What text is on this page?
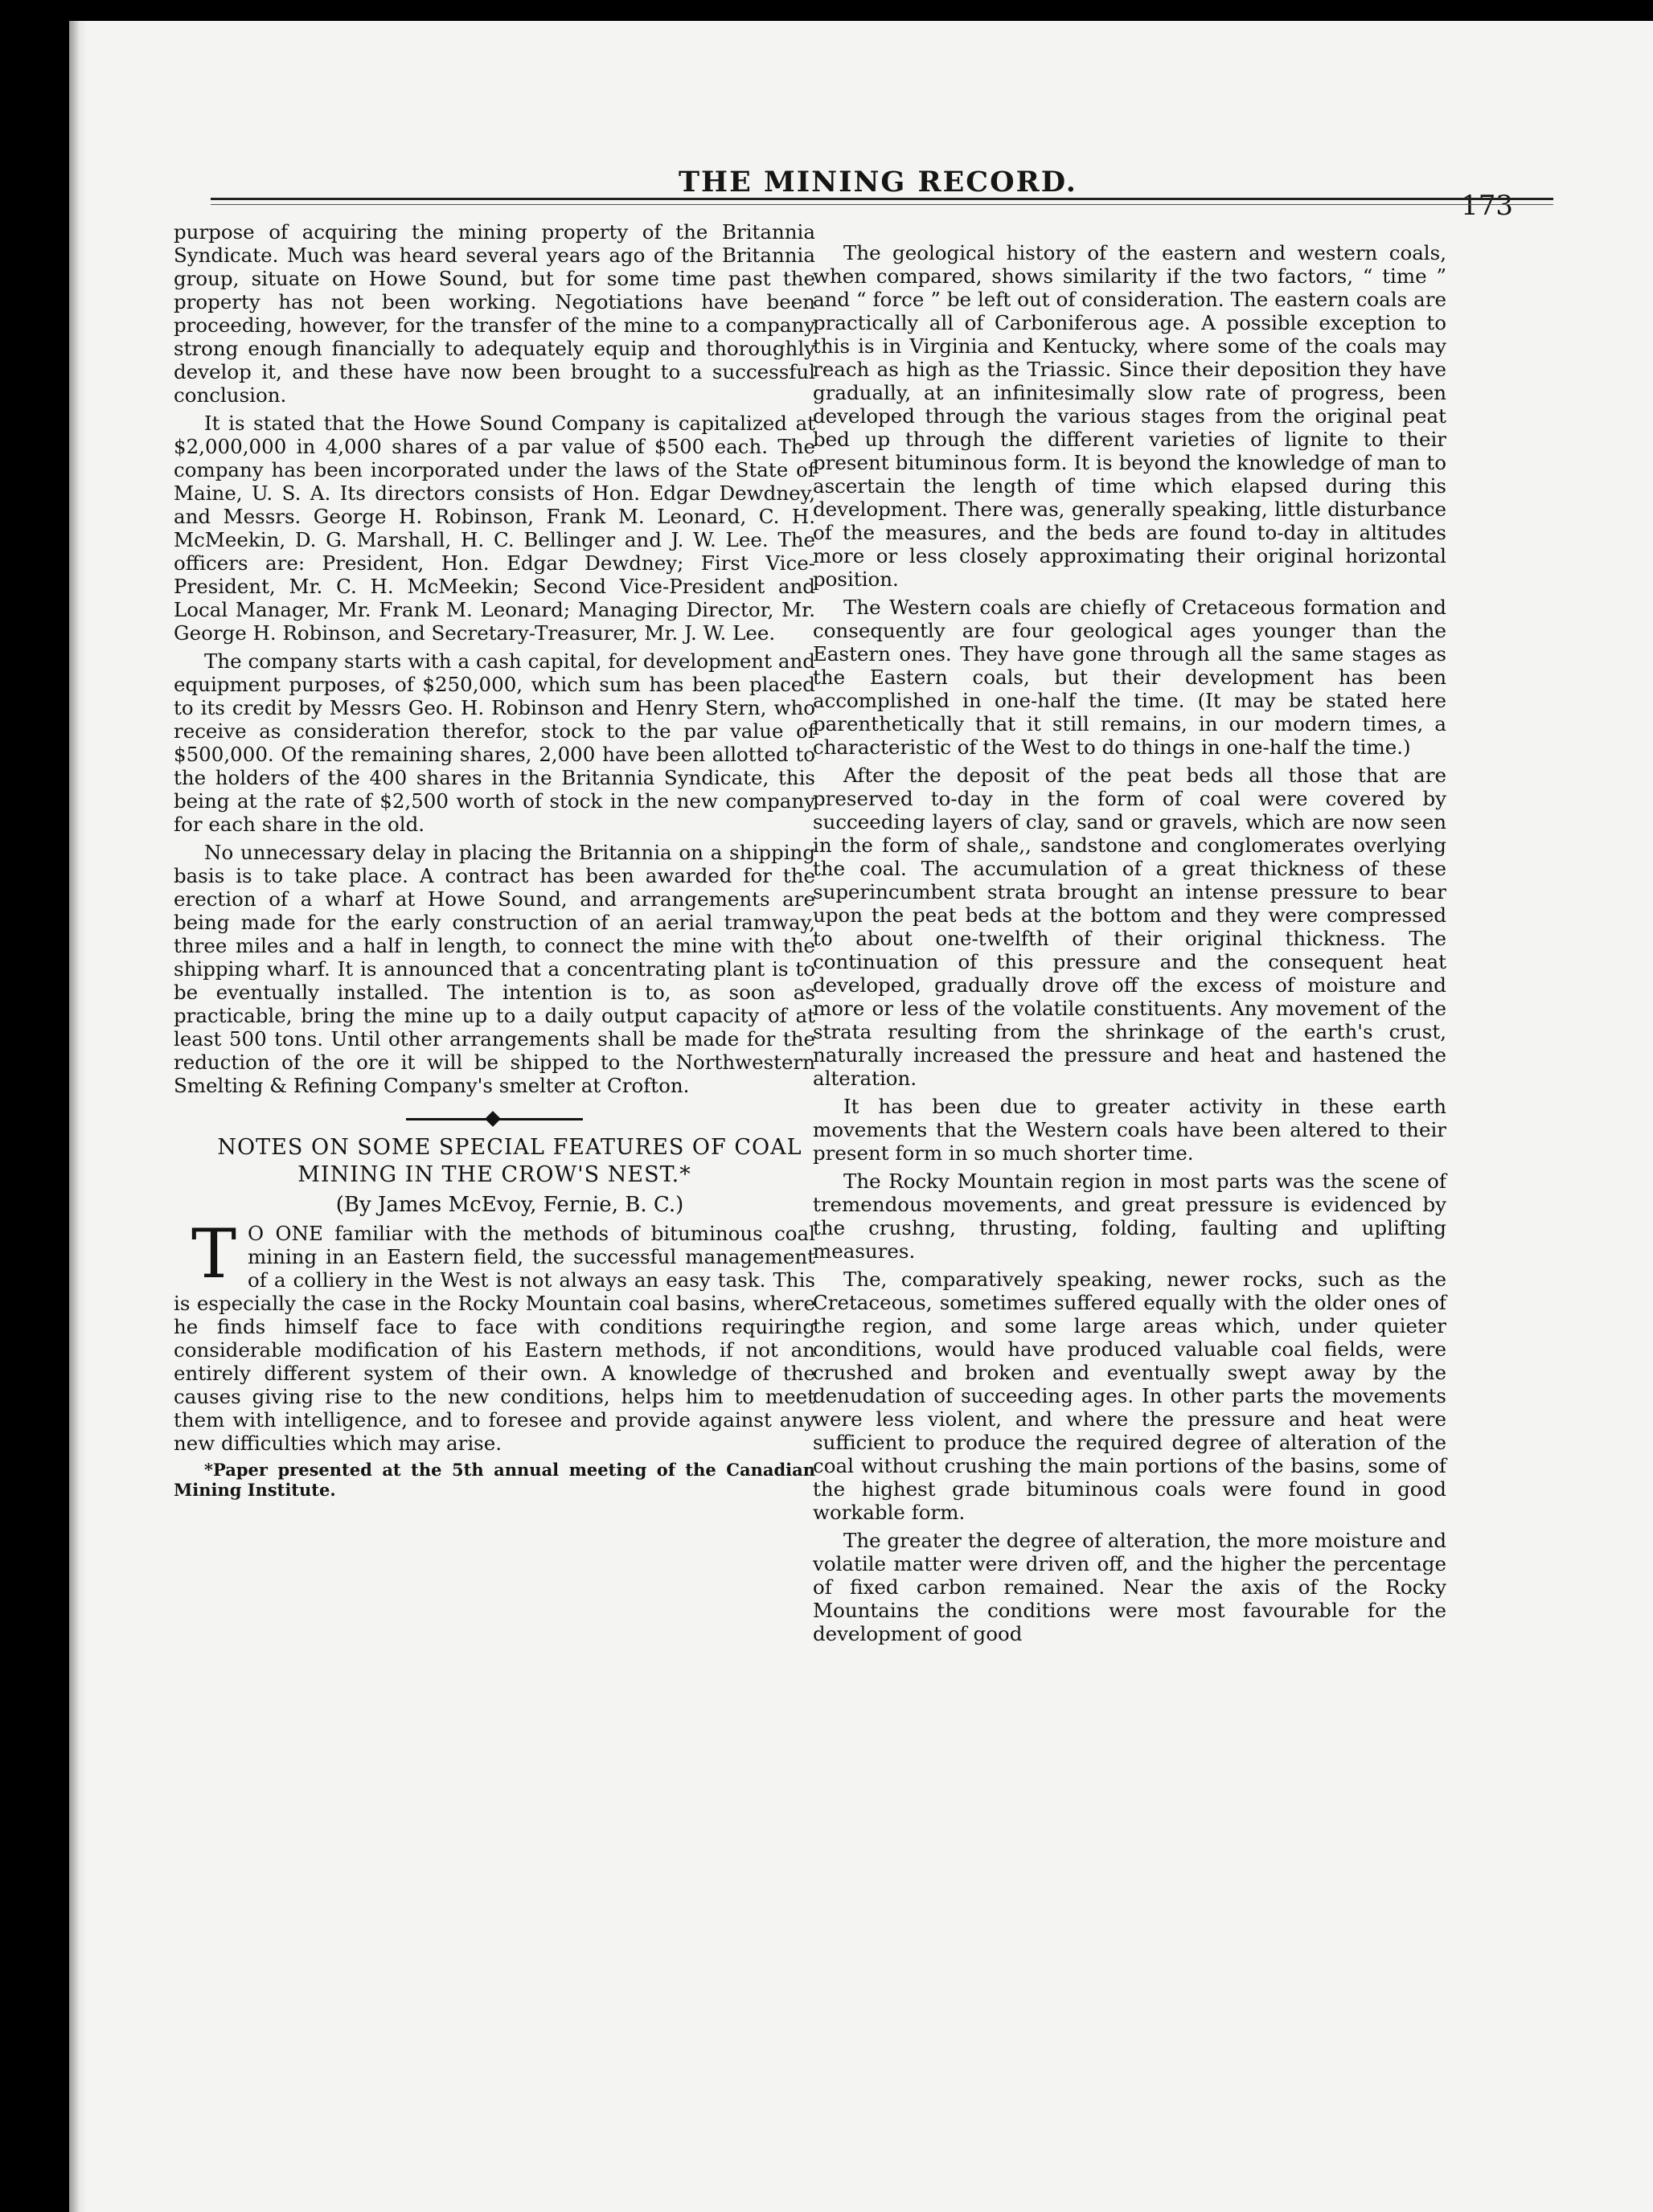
THE MINING RECORD.
173

purpose of acquiring the mining property of the Britannia Syndicate. Much was heard several years ago of the Britannia group, situate on Howe Sound, but for some time past the property has not been working. Negotiations have been proceeding, however, for the transfer of the mine to a company strong enough financially to adequately equip and thoroughly develop it, and these have now been brought to a successful conclusion.

It is stated that the Howe Sound Company is capitalized at $2,000,000 in 4,000 shares of a par value of $500 each. The company has been incorporated under the laws of the State of Maine, U. S. A. Its directors consists of Hon. Edgar Dewdney, and Messrs. George H. Robinson, Frank M. Leonard, C. H. McMeekin, D. G. Marshall, H. C. Bellinger and J. W. Lee. The officers are: President, Hon. Edgar Dewdney; First Vice-President, Mr. C. H. McMeekin; Second Vice-President and Local Manager, Mr. Frank M. Leonard; Managing Director, Mr. George H. Robinson, and Secretary-Treasurer, Mr. J. W. Lee.

The company starts with a cash capital, for development and equipment purposes, of $250,000, which sum has been placed to its credit by Messrs Geo. H. Robinson and Henry Stern, who receive as consideration therefor, stock to the par value of $500,000. Of the remaining shares, 2,000 have been allotted to the holders of the 400 shares in the Britannia Syndicate, this being at the rate of $2,500 worth of stock in the new company for each share in the old.

No unnecessary delay in placing the Britannia on a shipping basis is to take place. A contract has been awarded for the erection of a wharf at Howe Sound, and arrangements are being made for the early construction of an aerial tramway, three miles and a half in length, to connect the mine with the shipping wharf. It is announced that a concentrating plant is to be eventually installed. The intention is to, as soon as practicable, bring the mine up to a daily output capacity of at least 500 tons. Until other arrangements shall be made for the reduction of the ore it will be shipped to the Northwestern Smelting & Refining Company's smelter at Crofton.

NOTES ON SOME SPECIAL FEATURES OF COAL MINING IN THE CROW'S NEST.*

(By James McEvoy, Fernie, B. C.)

T O ONE familiar with the methods of bituminous coal mining in an Eastern field, the successful management of a colliery in the West is not always an easy task. This is especially the case in the Rocky Mountain coal basins, where he finds himself face to face with conditions requiring considerable modification of his Eastern methods, if not an entirely different system of their own. A knowledge of the causes giving rise to the new conditions, helps him to meet them with intelligence, and to foresee and provide against any new difficulties which may arise.

*Paper presented at the 5th annual meeting of the Canadian Mining Institute.

The geological history of the eastern and western coals, when compared, shows similarity if the two factors, “ time ” and “ force ” be left out of consideration. The eastern coals are practically all of Carboniferous age. A possible exception to this is in Virginia and Kentucky, where some of the coals may reach as high as the Triassic. Since their deposition they have gradually, at an infinitesimally slow rate of progress, been developed through the various stages from the original peat bed up through the different varieties of lignite to their present bituminous form. It is beyond the knowledge of man to ascertain the length of time which elapsed during this development. There was, generally speaking, little disturbance of the measures, and the beds are found to-day in altitudes more or less closely approximating their original horizontal position.

The Western coals are chiefly of Cretaceous formation and consequently are four geological ages younger than the Eastern ones. They have gone through all the same stages as the Eastern coals, but their development has been accomplished in one-half the time. (It may be stated here parenthetically that it still remains, in our modern times, a characteristic of the West to do things in one-half the time.)

After the deposit of the peat beds all those that are preserved to-day in the form of coal were covered by succeeding layers of clay, sand or gravels, which are now seen in the form of shale,, sandstone and conglomerates overlying the coal. The accumulation of a great thickness of these superincumbent strata brought an intense pressure to bear upon the peat beds at the bottom and they were compressed to about one-twelfth of their original thickness. The continuation of this pressure and the consequent heat developed, gradually drove off the excess of moisture and more or less of the volatile constituents. Any movement of the strata resulting from the shrinkage of the earth's crust, naturally increased the pressure and heat and hastened the alteration.

It has been due to greater activity in these earth movements that the Western coals have been altered to their present form in so much shorter time.

The Rocky Mountain region in most parts was the scene of tremendous movements, and great pressure is evidenced by the crushng, thrusting, folding, faulting and uplifting measures.

The, comparatively speaking, newer rocks, such as the Cretaceous, sometimes suffered equally with the older ones of the region, and some large areas which, under quieter conditions, would have produced valuable coal fields, were crushed and broken and eventually swept away by the denudation of succeeding ages. In other parts the movements were less violent, and where the pressure and heat were sufficient to produce the required degree of alteration of the coal without crushing the main portions of the basins, some of the highest grade bituminous coals were found in good workable form.

The greater the degree of alteration, the more moisture and volatile matter were driven off, and the higher the percentage of fixed carbon remained. Near the axis of the Rocky Mountains the conditions were most favourable for the development of good
